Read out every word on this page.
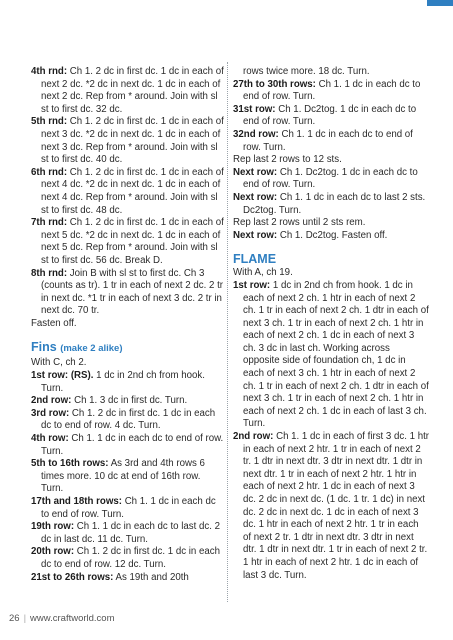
4th rnd: Ch 1. 2 dc in first dc. 1 dc in each of next 2 dc. *2 dc in next dc. 1 dc in each of next 2 dc. Rep from * around. Join with sl st to first dc. 32 dc.

5th rnd: Ch 1. 2 dc in first dc. 1 dc in each of next 3 dc. *2 dc in next dc. 1 dc in each of next 3 dc. Rep from * around. Join with sl st to first dc. 40 dc.

6th rnd: Ch 1. 2 dc in first dc. 1 dc in each of next 4 dc. *2 dc in next dc. 1 dc in each of next 4 dc. Rep from * around. Join with sl st to first dc. 48 dc.

7th rnd: Ch 1. 2 dc in first dc. 1 dc in each of next 5 dc. *2 dc in next dc. 1 dc in each of next 5 dc. Rep from * around. Join with sl st to first dc. 56 dc. Break D.

8th rnd: Join B with sl st to first dc. Ch 3 (counts as tr). 1 tr in each of next 2 dc. 2 tr in next dc. *1 tr in each of next 3 dc. 2 tr in next dc. 70 tr.

Fasten off.

Fins (make 2 alike)

With C, ch 2.

1st row: (RS). 1 dc in 2nd ch from hook. Turn.

2nd row: Ch 1. 3 dc in first dc. Turn.

3rd row: Ch 1. 2 dc in first dc. 1 dc in each dc to end of row. 4 dc. Turn.

4th row: Ch 1. 1 dc in each dc to end of row. Turn.

5th to 16th rows: As 3rd and 4th rows 6 times more. 10 dc at end of 16th row. Turn.

17th and 18th rows: Ch 1. 1 dc in each dc to end of row. Turn.

19th row: Ch 1. 1 dc in each dc to last dc. 2 dc in last dc. 11 dc. Turn.

20th row: Ch 1. 2 dc in first dc. 1 dc in each dc to end of row. 12 dc. Turn.

21st to 26th rows: As 19th and 20th

rows twice more. 18 dc. Turn.

27th to 30th rows: Ch 1. 1 dc in each dc to end of row. Turn.

31st row: Ch 1. Dc2tog. 1 dc in each dc to end of row. Turn.

32nd row: Ch 1. 1 dc in each dc to end of row. Turn.

Rep last 2 rows to 12 sts.

Next row: Ch 1. Dc2tog. 1 dc in each dc to end of row. Turn.

Next row: Ch 1. 1 dc in each dc to last 2 sts. Dc2tog. Turn.

Rep last 2 rows until 2 sts rem.

Next row: Ch 1. Dc2tog. Fasten off.

FLAME

With A, ch 19.

1st row: 1 dc in 2nd ch from hook. 1 dc in each of next 2 ch. 1 htr in each of next 2 ch. 1 tr in each of next 2 ch. 1 dtr in each of next 3 ch. 1 tr in each of next 2 ch. 1 htr in each of next 2 ch. 1 dc in each of next 3 ch. 3 dc in last ch. Working across opposite side of foundation ch, 1 dc in each of next 3 ch. 1 htr in each of next 2 ch. 1 tr in each of next 2 ch. 1 dtr in each of next 3 ch. 1 tr in each of next 2 ch. 1 htr in each of next 2 ch. 1 dc in each of last 3 ch. Turn.

2nd row: Ch 1. 1 dc in each of first 3 dc. 1 htr in each of next 2 htr. 1 tr in each of next 2 tr. 1 dtr in next dtr. 3 dtr in next dtr. 1 dtr in next dtr. 1 tr in each of next 2 htr. 1 htr in each of next 2 htr. 1 dc in each of next 3 dc. 2 dc in next dc. (1 dc. 1 tr. 1 dc) in next dc. 2 dc in next dc. 1 dc in each of next 3 dc. 1 htr in each of next 2 htr. 1 tr in each of next 2 tr. 1 dtr in next dtr. 3 dtr in next dtr. 1 dtr in next dtr. 1 tr in each of next 2 tr. 1 htr in each of next 2 htr. 1 dc in each of last 3 dc. Turn.

26 | www.craftworld.com
